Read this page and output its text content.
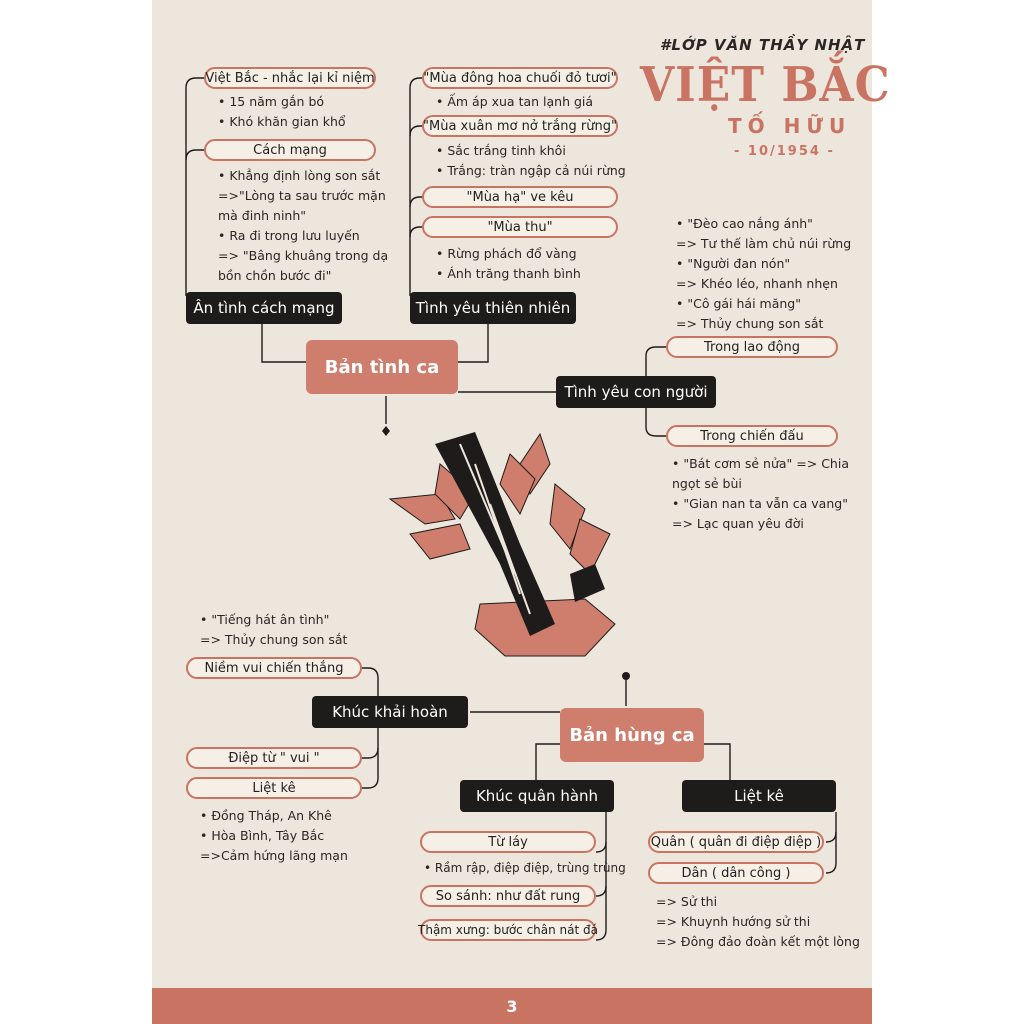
#LỚP VĂN THẦY NHẬT
VIỆT BẮC
TỐ HỮU
- 10/1954 -
Việt Bắc - nhắc lại kỉ niệm
• 15 năm gắn bó
• Khó khăn gian khổ
Cách mạng
• Khẳng định lòng son sắt
=>"Lòng ta sau trước mặn
mà đinh ninh"
• Ra đi trong lưu luyến
=> "Bâng khuâng trong dạ
bồn chồn bước đi"
Ân tình cách mạng
"Mùa đông hoa chuối đỏ tươi"
• Ấm áp xua tan lạnh giá
"Mùa xuân mơ nở trắng rừng"
• Sắc trắng tinh khôi
• Trắng: tràn ngập cả núi rừng
"Mùa hạ" ve kêu
"Mùa thu"
• Rừng phách đổ vàng
• Ánh trăng thanh bình
Tình yêu thiên nhiên
Bản tình ca
• "Đèo cao nắng ánh"
=> Tư thế làm chủ núi rừng
• "Người đan nón"
=> Khéo léo, nhanh nhẹn
• "Cô gái hái măng"
=> Thủy chung son sắt
Trong lao động
Tình yêu con người
Trong chiến đấu
• "Bát cơm sẻ nửa" => Chia
ngọt sẻ bùi
• "Gian nan ta vẫn ca vang"
=> Lạc quan yêu đời
• "Tiếng hát ân tình"
=> Thủy chung son sắt
Niềm vui chiến thắng
Khúc khải hoàn
Điệp từ " vui "
Liệt kê
• Đồng Tháp, An Khê
• Hòa Bình, Tây Bắc
=>Cảm hứng lãng mạn
Bản hùng ca
Khúc quân hành
Từ láy
• Rầm rập, điệp điệp, trùng trùng
So sánh: như đất rung
Thậm xưng: bước chân nát đá
Liệt kê
Quân ( quân đi điệp điệp )
Dân ( dân công )
=> Sử thi
=> Khuynh hướng sử thi
=> Đông đảo đoàn kết một lòng
3
